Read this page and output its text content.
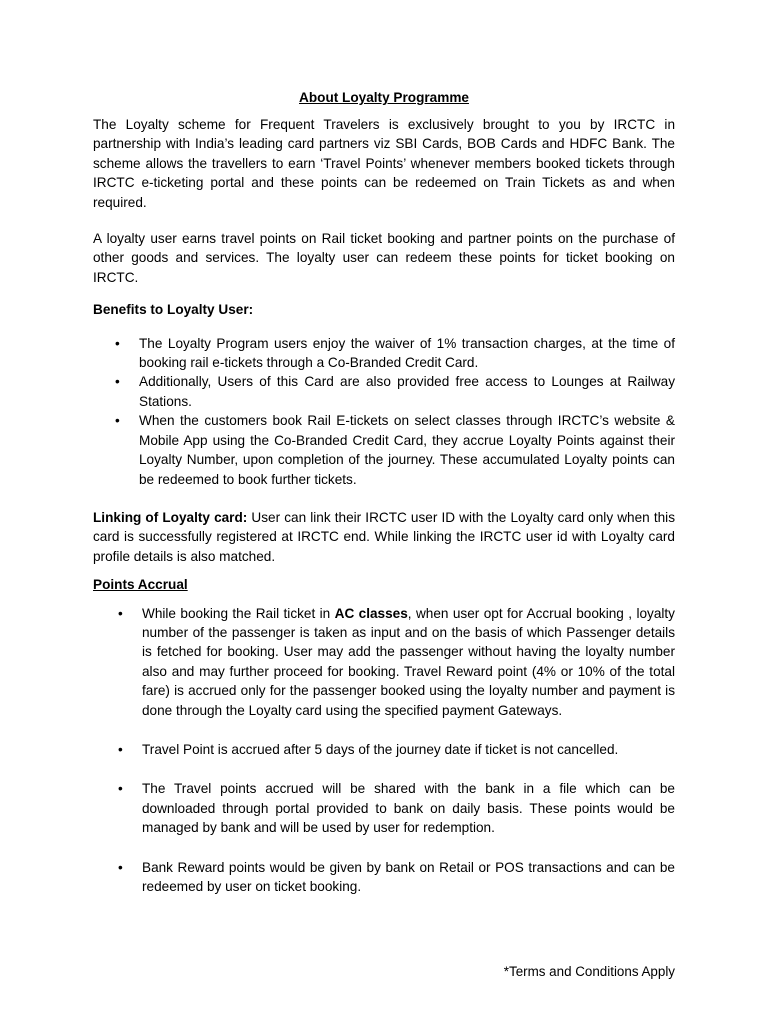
About Loyalty Programme

The Loyalty scheme for Frequent Travelers is exclusively brought to you by IRCTC in partnership with India’s leading card partners viz SBI Cards, BOB Cards and HDFC Bank. The scheme allows the travellers to earn ‘Travel Points’ whenever members booked tickets through IRCTC e-ticketing portal and these points can be redeemed on Train Tickets as and when required.

A loyalty user earns travel points on Rail ticket booking and partner points on the purchase of other goods and services. The loyalty user can redeem these points for ticket booking on IRCTC.

Benefits to Loyalty User:
• The Loyalty Program users enjoy the waiver of 1% transaction charges, at the time of booking rail e-tickets through a Co-Branded Credit Card.
• Additionally, Users of this Card are also provided free access to Lounges at Railway Stations.
• When the customers book Rail E-tickets on select classes through IRCTC’s website & Mobile App using the Co-Branded Credit Card, they accrue Loyalty Points against their Loyalty Number, upon completion of the journey. These accumulated Loyalty points can be redeemed to book further tickets.

Linking of Loyalty card: User can link their IRCTC user ID with the Loyalty card only when this card is successfully registered at IRCTC end. While linking the IRCTC user id with Loyalty card profile details is also matched.

Points Accrual
• While booking the Rail ticket in AC classes, when user opt for Accrual booking , loyalty number of the passenger is taken as input and on the basis of which Passenger details is fetched for booking. User may add the passenger without having the loyalty number also and may further proceed for booking. Travel Reward point (4% or 10% of the total fare) is accrued only for the passenger booked using the loyalty number and payment is done through the Loyalty card using the specified payment Gateways.
• Travel Point is accrued after 5 days of the journey date if ticket is not cancelled.
• The Travel points accrued will be shared with the bank in a file which can be downloaded through portal provided to bank on daily basis. These points would be managed by bank and will be used by user for redemption.
• Bank Reward points would be given by bank on Retail or POS transactions and can be redeemed by user on ticket booking.
*Terms and Conditions Apply
